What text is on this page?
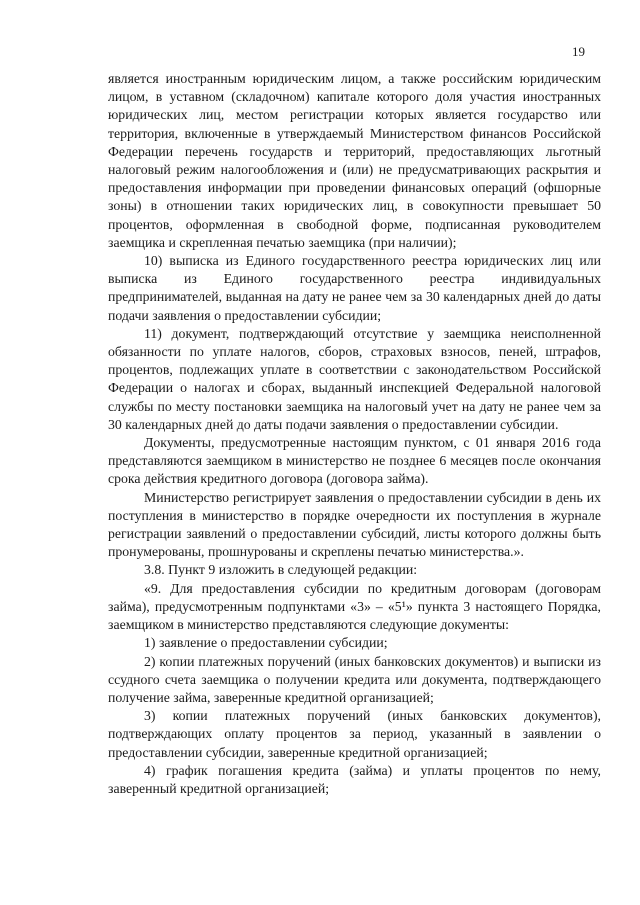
19

является иностранным юридическим лицом, а также российским юридическим лицом, в уставном (складочном) капитале которого доля участия иностранных юридических лиц, местом регистрации которых является государство или территория, включенные в утверждаемый Министерством финансов Российской Федерации перечень государств и территорий, предоставляющих льготный налоговый режим налогообложения и (или) не предусматривающих раскрытия и предоставления информации при проведении финансовых операций (офшорные зоны) в отношении таких юридических лиц, в совокупности превышает 50 процентов, оформленная в свободной форме, подписанная руководителем заемщика и скрепленная печатью заемщика (при наличии);

10) выписка из Единого государственного реестра юридических лиц или выписка из Единого государственного реестра индивидуальных предпринимателей, выданная на дату не ранее чем за 30 календарных дней до даты подачи заявления о предоставлении субсидии;

11) документ, подтверждающий отсутствие у заемщика неисполненной обязанности по уплате налогов, сборов, страховых взносов, пеней, штрафов, процентов, подлежащих уплате в соответствии с законодательством Российской Федерации о налогах и сборах, выданный инспекцией Федеральной налоговой службы по месту постановки заемщика на налоговый учет на дату не ранее чем за 30 календарных дней до даты подачи заявления о предоставлении субсидии.

Документы, предусмотренные настоящим пунктом, с 01 января 2016 года представляются заемщиком в министерство не позднее 6 месяцев после окончания срока действия кредитного договора (договора займа).

Министерство регистрирует заявления о предоставлении субсидии в день их поступления в министерство в порядке очередности их поступления в журнале регистрации заявлений о предоставлении субсидий, листы которого должны быть пронумерованы, прошнурованы и скреплены печатью министерства.».

3.8. Пункт 9 изложить в следующей редакции:

«9. Для предоставления субсидии по кредитным договорам (договорам займа), предусмотренным подпунктами «3» – «5¹» пункта 3 настоящего Порядка, заемщиком в министерство представляются следующие документы:

1) заявление о предоставлении субсидии;

2) копии платежных поручений (иных банковских документов) и выписки из ссудного счета заемщика о получении кредита или документа, подтверждающего получение займа, заверенные кредитной организацией;

3) копии платежных поручений (иных банковских документов), подтверждающих оплату процентов за период, указанный в заявлении о предоставлении субсидии, заверенные кредитной организацией;

4) график погашения кредита (займа) и уплаты процентов по нему, заверенный кредитной организацией;
